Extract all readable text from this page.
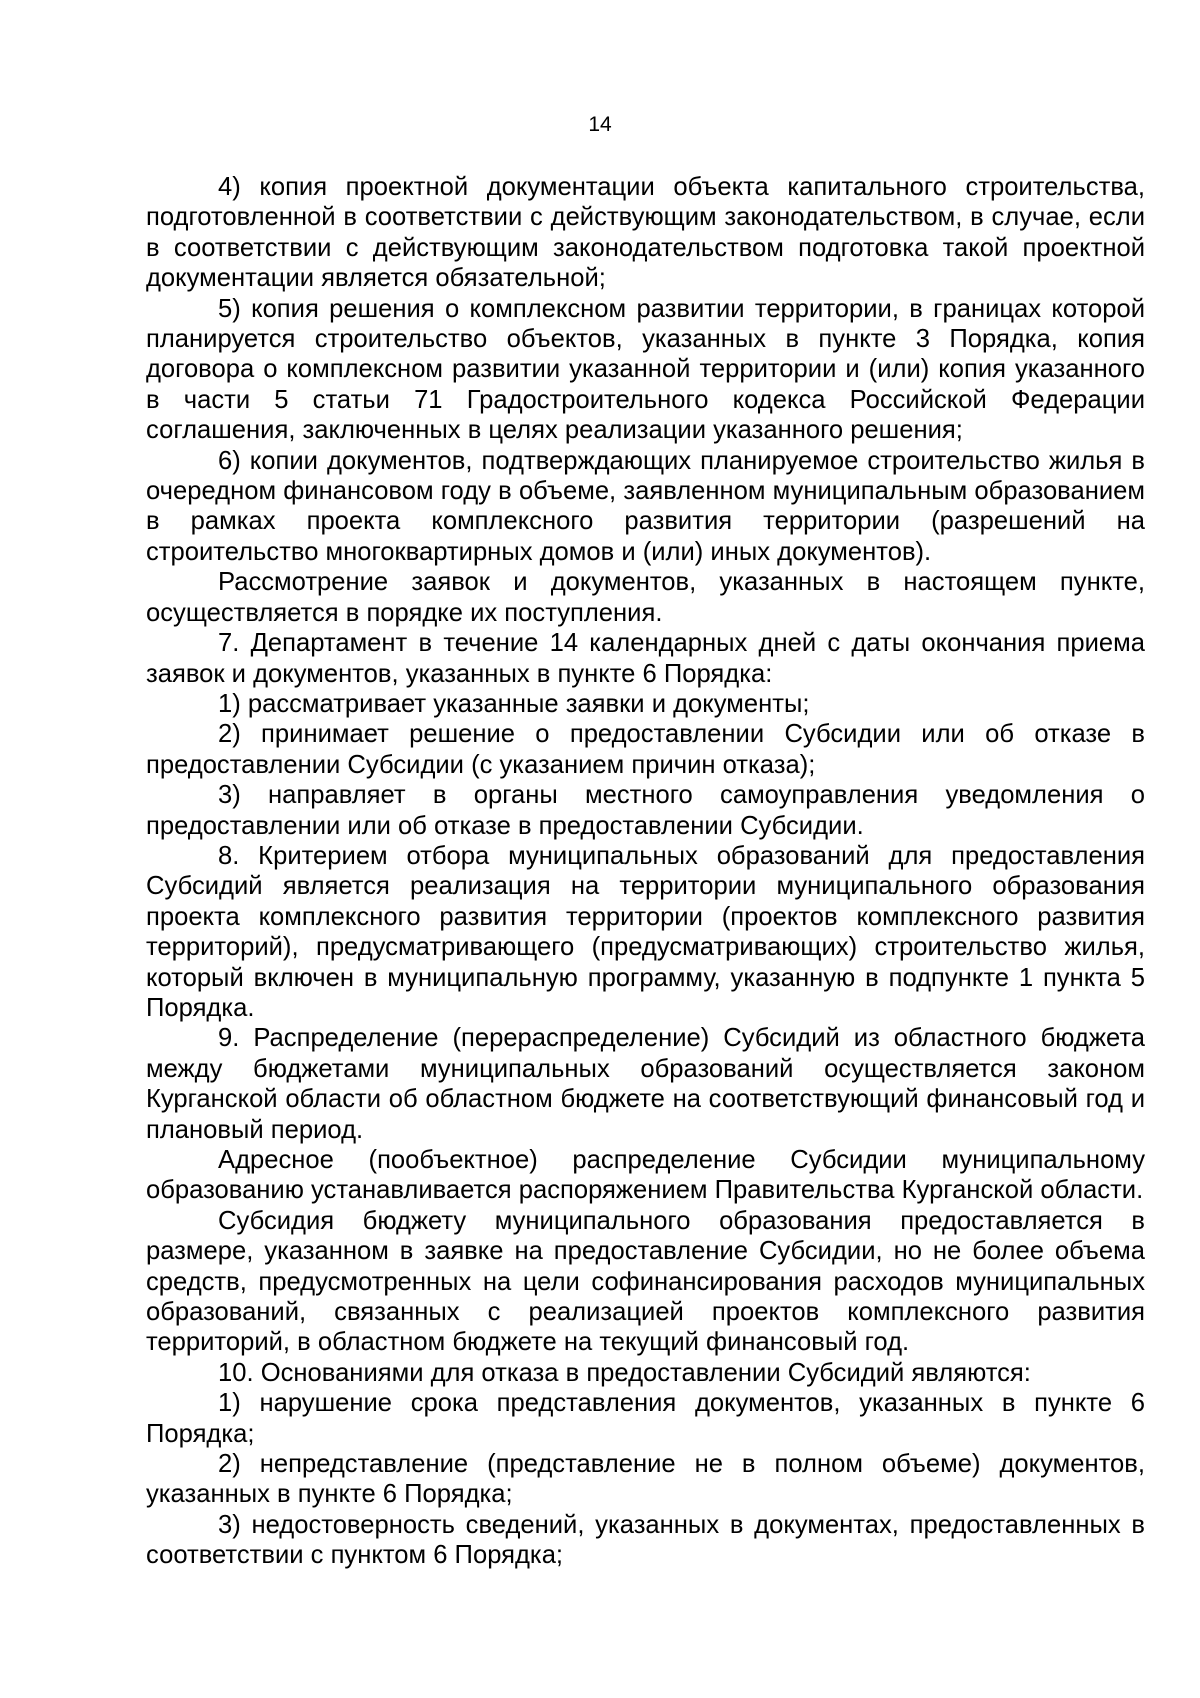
14

4) копия проектной документации объекта капитального строительства, подготовленной в соответствии с действующим законодательством, в случае, если в соответствии с действующим законодательством подготовка такой проектной документации является обязательной;

5) копия решения о комплексном развитии территории, в границах которой планируется строительство объектов, указанных в пункте 3 Порядка, копия договора о комплексном развитии указанной территории и (или) копия указанного в части 5 статьи 71 Градостроительного кодекса Российской Федерации соглашения, заключенных в целях реализации указанного решения;

6) копии документов, подтверждающих планируемое строительство жилья в очередном финансовом году в объеме, заявленном муниципальным образованием в рамках проекта комплексного развития территории (разрешений на строительство многоквартирных домов и (или) иных документов).

Рассмотрение заявок и документов, указанных в настоящем пункте, осуществляется в порядке их поступления.

7. Департамент в течение 14 календарных дней с даты окончания приема заявок и документов, указанных в пункте 6 Порядка:

1) рассматривает указанные заявки и документы;

2) принимает решение о предоставлении Субсидии или об отказе в предоставлении Субсидии (с указанием причин отказа);

3) направляет в органы местного самоуправления уведомления о предоставлении или об отказе в предоставлении Субсидии.

8. Критерием отбора муниципальных образований для предоставления Субсидий является реализация на территории муниципального образования проекта комплексного развития территории (проектов комплексного развития территорий), предусматривающего (предусматривающих) строительство жилья, который включен в муниципальную программу, указанную в подпункте 1 пункта 5 Порядка.

9. Распределение (перераспределение) Субсидий из областного бюджета между бюджетами муниципальных образований осуществляется законом Курганской области об областном бюджете на соответствующий финансовый год и плановый период.

Адресное (пообъектное) распределение Субсидии муниципальному образованию устанавливается распоряжением Правительства Курганской области.

Субсидия бюджету муниципального образования предоставляется в размере, указанном в заявке на предоставление Субсидии, но не более объема средств, предусмотренных на цели софинансирования расходов муниципальных образований, связанных с реализацией проектов комплексного развития территорий, в областном бюджете на текущий финансовый год.

10. Основаниями для отказа в предоставлении Субсидий являются:

1) нарушение срока представления документов, указанных в пункте 6 Порядка;

2) непредставление (представление не в полном объеме) документов, указанных в пункте 6 Порядка;

3) недостоверность сведений, указанных в документах, предоставленных в соответствии с пунктом 6 Порядка;
